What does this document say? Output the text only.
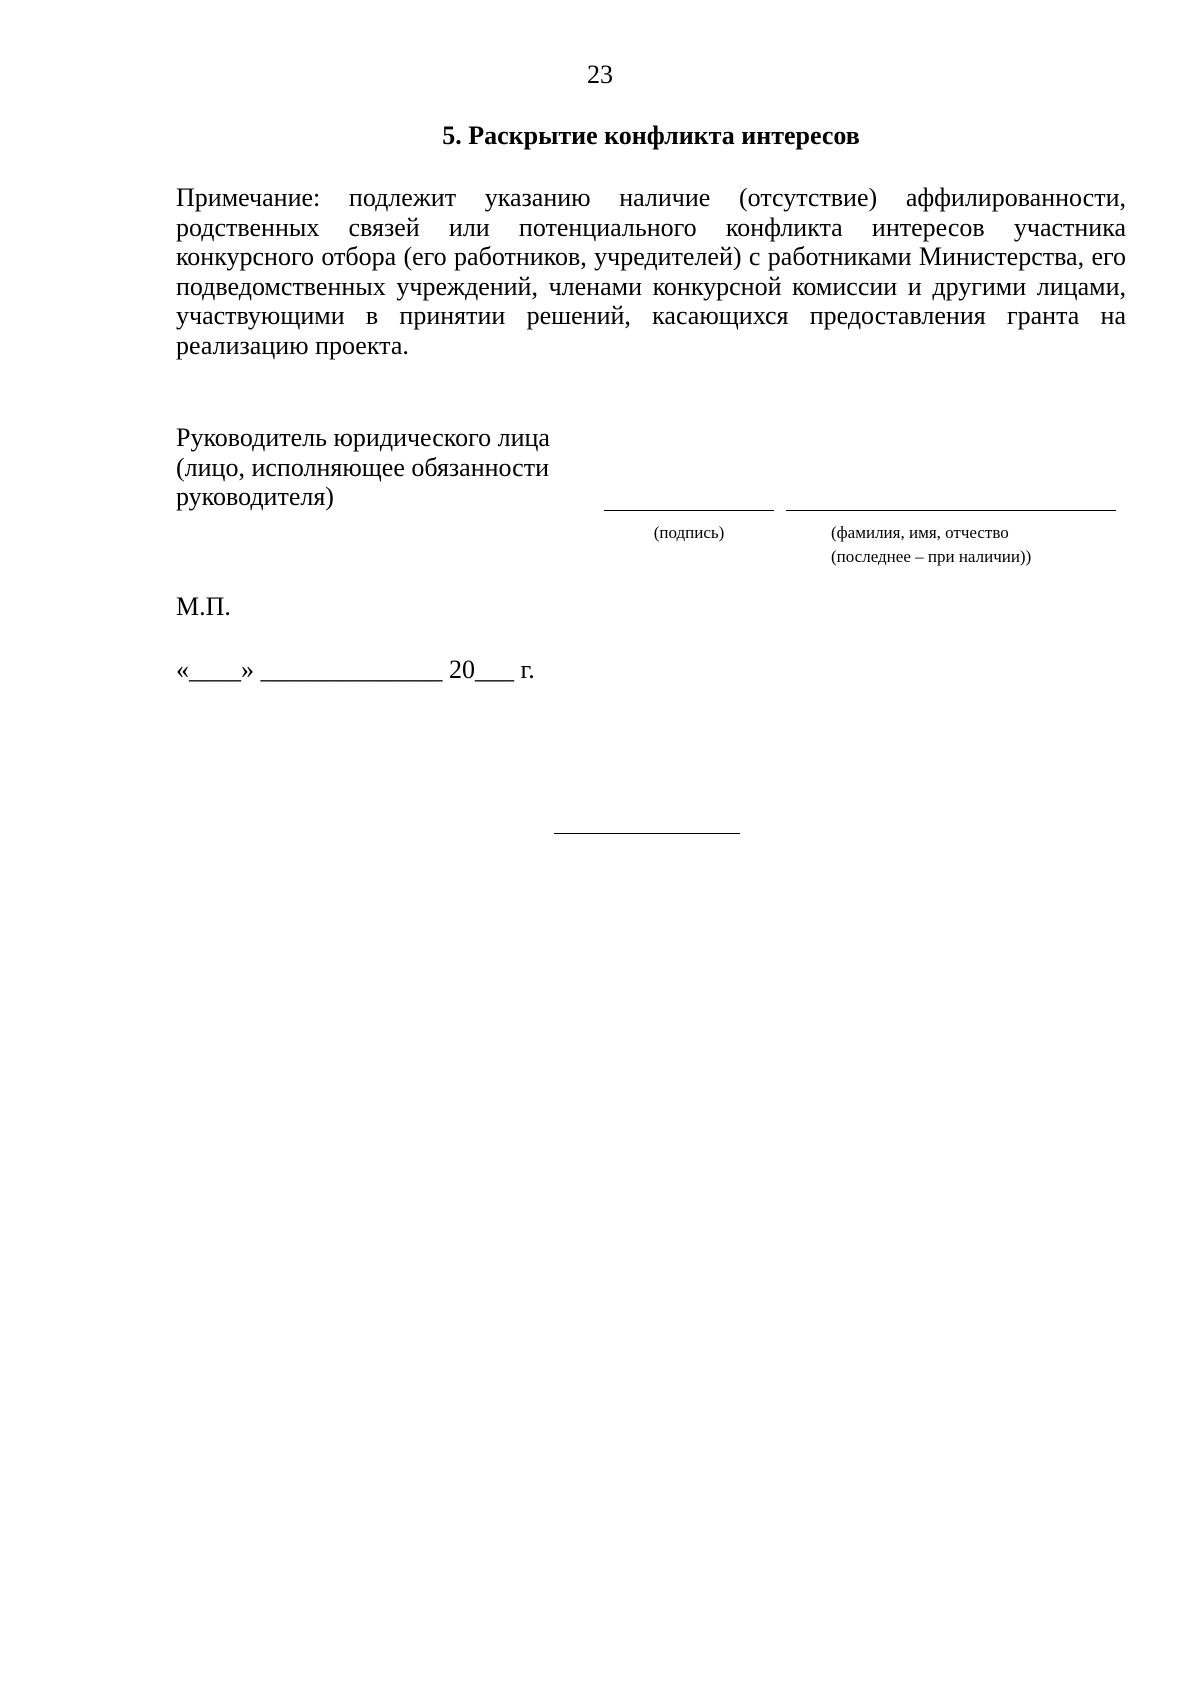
23
5. Раскрытие конфликта интересов
Примечание: подлежит указанию наличие (отсутствие) аффилированности, родственных связей или потенциального конфликта интересов участника конкурсного отбора (его работников, учредителей) с работниками Министерства, его подведомственных учреждений, членами конкурсной комиссии и другими лицами, участвующими в принятии решений, касающихся предоставления гранта на реализацию проекта.
Руководитель юридического лица
(лицо, исполняющее обязанности
руководителя)
(подпись)	(фамилия, имя, отчество
(последнее – при наличии))
М.П.
«____» ______________ 20___ г.
